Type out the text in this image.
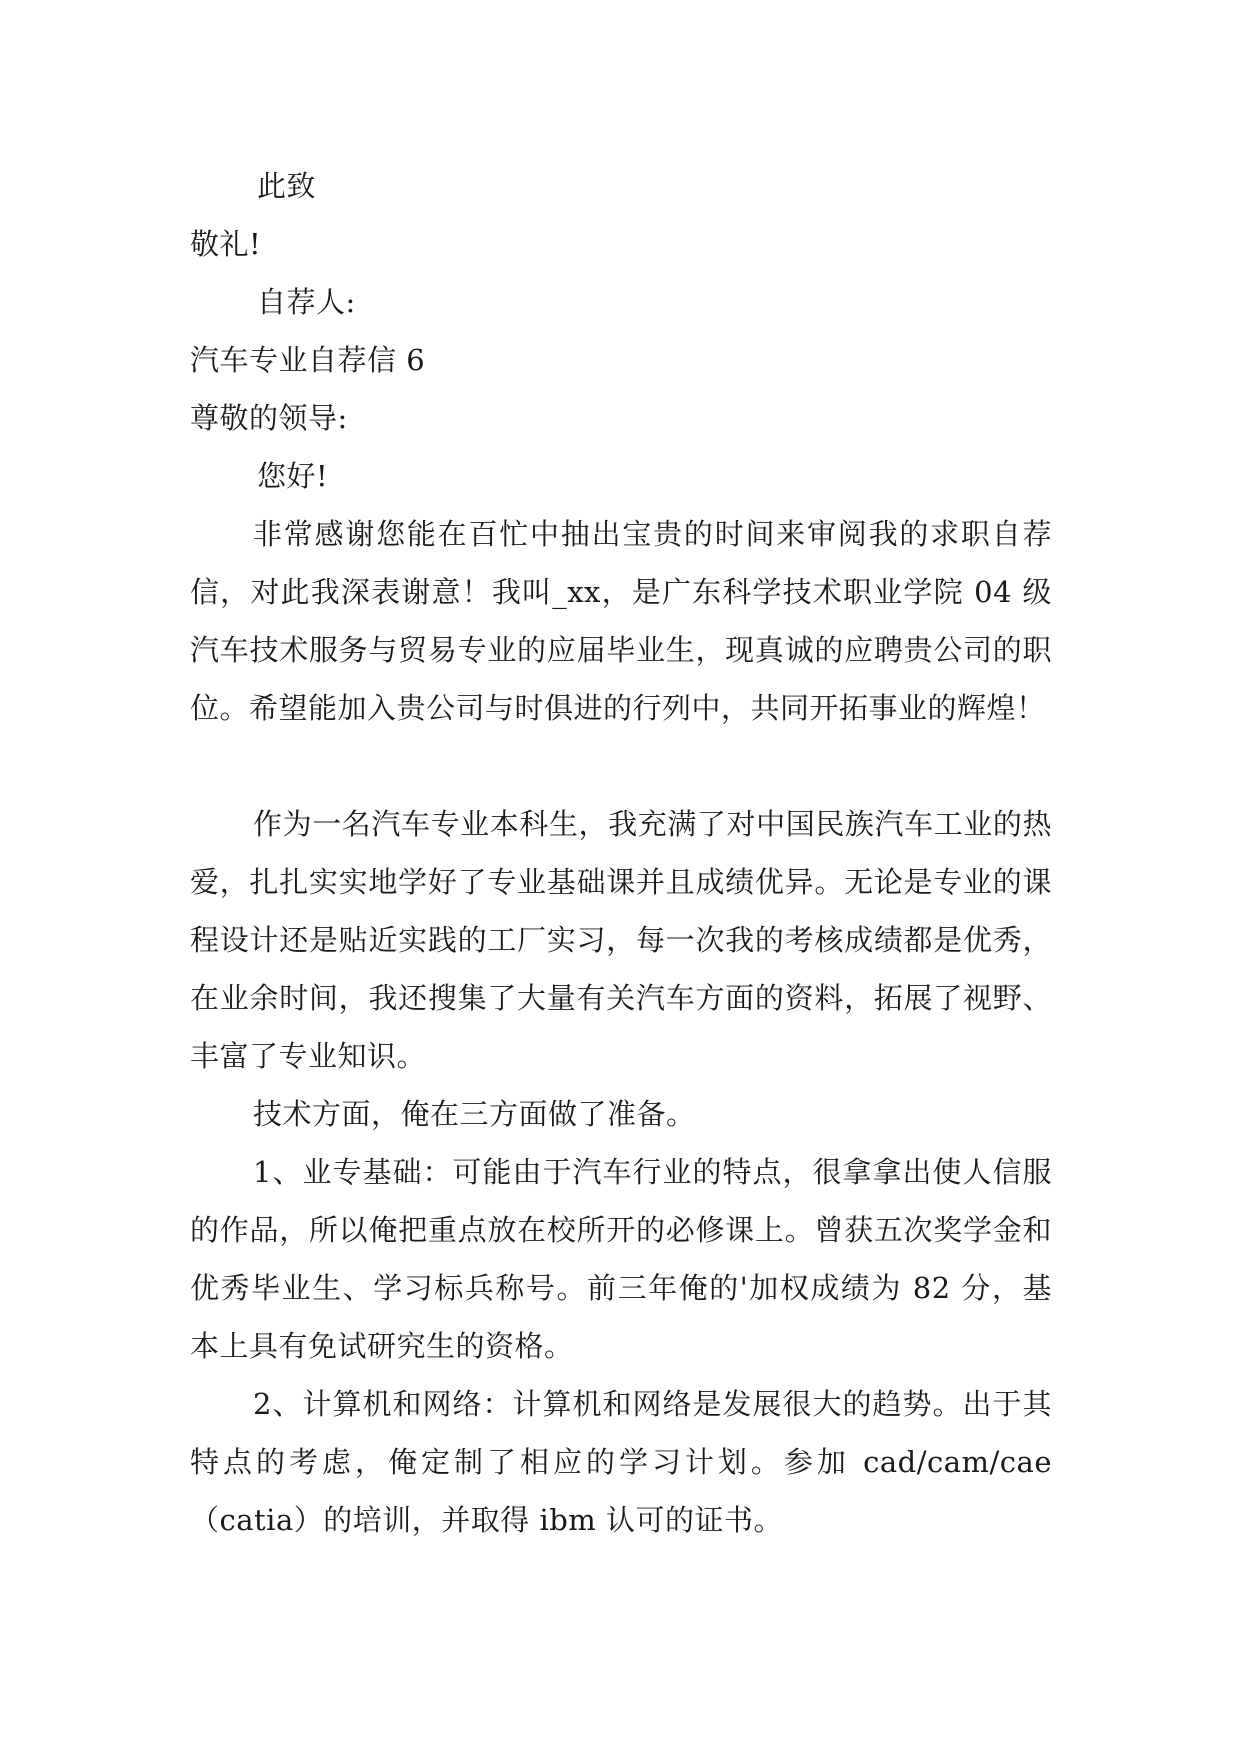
此致
敬礼!
自荐人:
汽车专业自荐信 6
尊敬的领导:
您好!

非常感谢您能在百忙中抽出宝贵的时间来审阅我的求职自荐信，对此我深表谢意！我叫_xx，是广东科学技术职业学院 04 级汽车技术服务与贸易专业的应届毕业生，现真诚的应聘贵公司的职位。希望能加入贵公司与时俱进的行列中，共同开拓事业的辉煌！

作为一名汽车专业本科生，我充满了对中国民族汽车工业的热爱，扎扎实实地学好了专业基础课并且成绩优异。无论是专业的课程设计还是贴近实践的工厂实习，每一次我的考核成绩都是优秀，在业余时间，我还搜集了大量有关汽车方面的资料，拓展了视野、丰富了专业知识。

技术方面，俺在三方面做了准备。

1、业专基础：可能由于汽车行业的特点，很拿拿出使人信服的作品，所以俺把重点放在校所开的必修课上。曾获五次奖学金和优秀毕业生、学习标兵称号。前三年俺的'加权成绩为 82 分，基本上具有免试研究生的资格。

2、计算机和网络：计算机和网络是发展很大的趋势。出于其特点的考虑，俺定制了相应的学习计划。参加 cad/cam/cae（catia）的培训，并取得 ibm 认可的证书。
